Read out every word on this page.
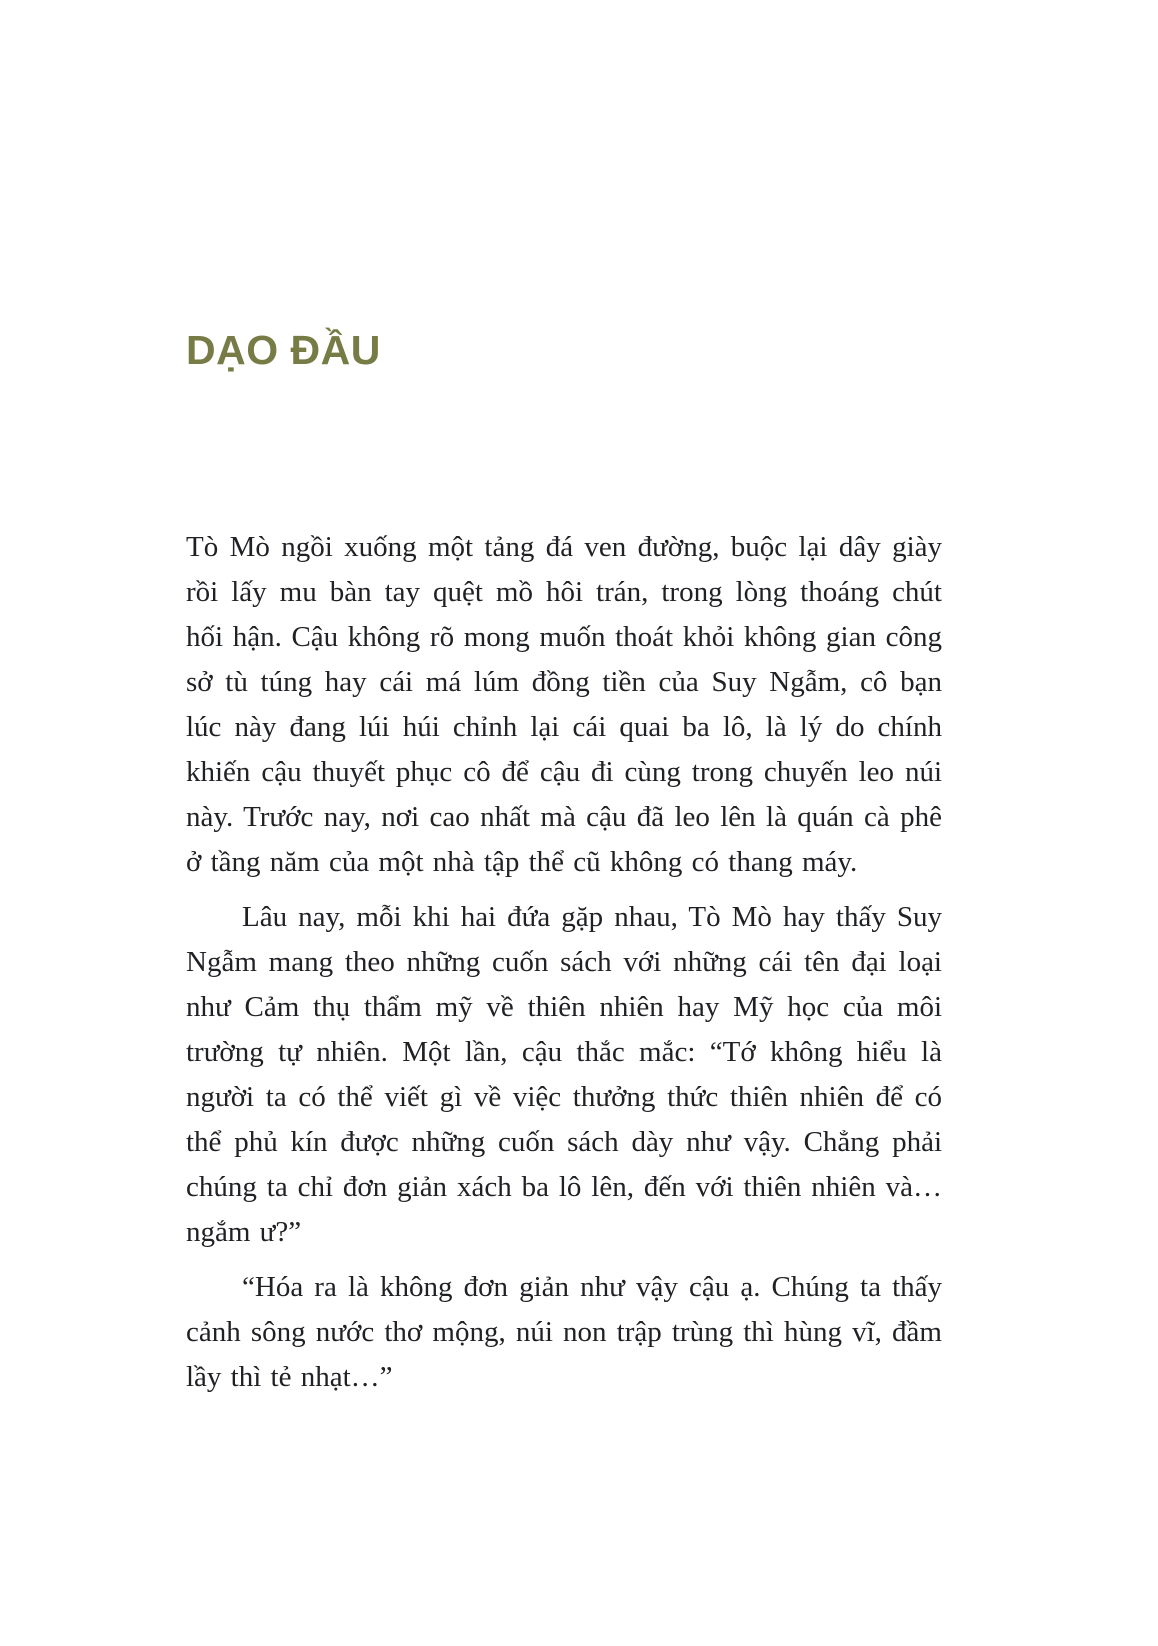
DẠO ĐẦU

Tò Mò ngồi xuống một tảng đá ven đường, buộc lại dây giày rồi lấy mu bàn tay quệt mồ hôi trán, trong lòng thoáng chút hối hận. Cậu không rõ mong muốn thoát khỏi không gian công sở tù túng hay cái má lúm đồng tiền của Suy Ngẫm, cô bạn lúc này đang lúi húi chỉnh lại cái quai ba lô, là lý do chính khiến cậu thuyết phục cô để cậu đi cùng trong chuyến leo núi này. Trước nay, nơi cao nhất mà cậu đã leo lên là quán cà phê ở tầng năm của một nhà tập thể cũ không có thang máy.

Lâu nay, mỗi khi hai đứa gặp nhau, Tò Mò hay thấy Suy Ngẫm mang theo những cuốn sách với những cái tên đại loại như Cảm thụ thẩm mỹ về thiên nhiên hay Mỹ học của môi trường tự nhiên. Một lần, cậu thắc mắc: “Tớ không hiểu là người ta có thể viết gì về việc thưởng thức thiên nhiên để có thể phủ kín được những cuốn sách dày như vậy. Chẳng phải chúng ta chỉ đơn giản xách ba lô lên, đến với thiên nhiên và… ngắm ư?”

“Hóa ra là không đơn giản như vậy cậu ạ. Chúng ta thấy cảnh sông nước thơ mộng, núi non trập trùng thì hùng vĩ, đầm lầy thì tẻ nhạt…”
